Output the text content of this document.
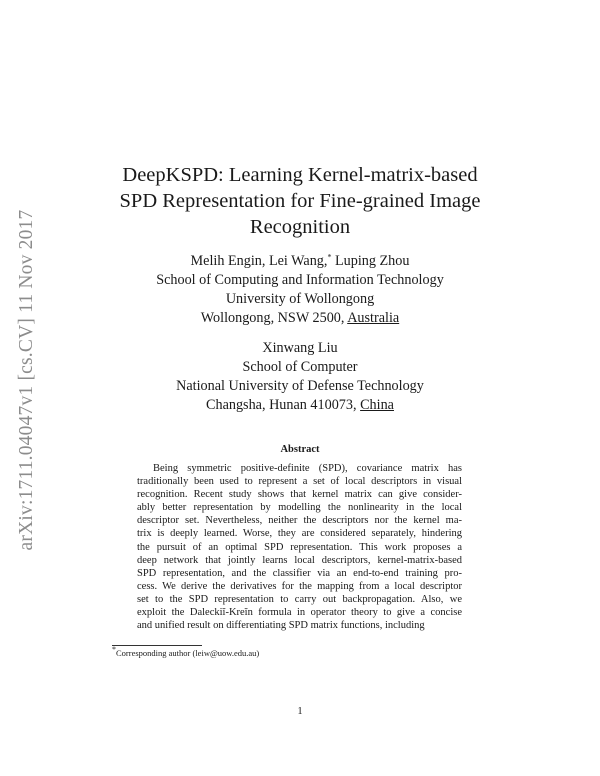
arXiv:1711.04047v1 [cs.CV] 11 Nov 2017
DeepKSPD: Learning Kernel-matrix-based
SPD Representation for Fine-grained Image
Recognition
Melih Engin, Lei Wang,* Luping Zhou
School of Computing and Information Technology
University of Wollongong
Wollongong, NSW 2500, Australia
Xinwang Liu
School of Computer
National University of Defense Technology
Changsha, Hunan 410073, China
Abstract

Being symmetric positive-definite (SPD), covariance matrix has
traditionally been used to represent a set of local descriptors in visual
recognition. Recent study shows that kernel matrix can give consider-
ably better representation by modelling the nonlinearity in the local
descriptor set. Nevertheless, neither the descriptors nor the kernel ma-
trix is deeply learned. Worse, they are considered separately, hindering
the pursuit of an optimal SPD representation. This work proposes a
deep network that jointly learns local descriptors, kernel-matrix-based
SPD representation, and the classifier via an end-to-end training pro-
cess. We derive the derivatives for the mapping from a local descriptor
set to the SPD representation to carry out backpropagation. Also, we
exploit the Daleckiĭ-Kreĭn formula in operator theory to give a concise
and unified result on differentiating SPD matrix functions, including

*Corresponding author (leiw@uow.edu.au)
1
